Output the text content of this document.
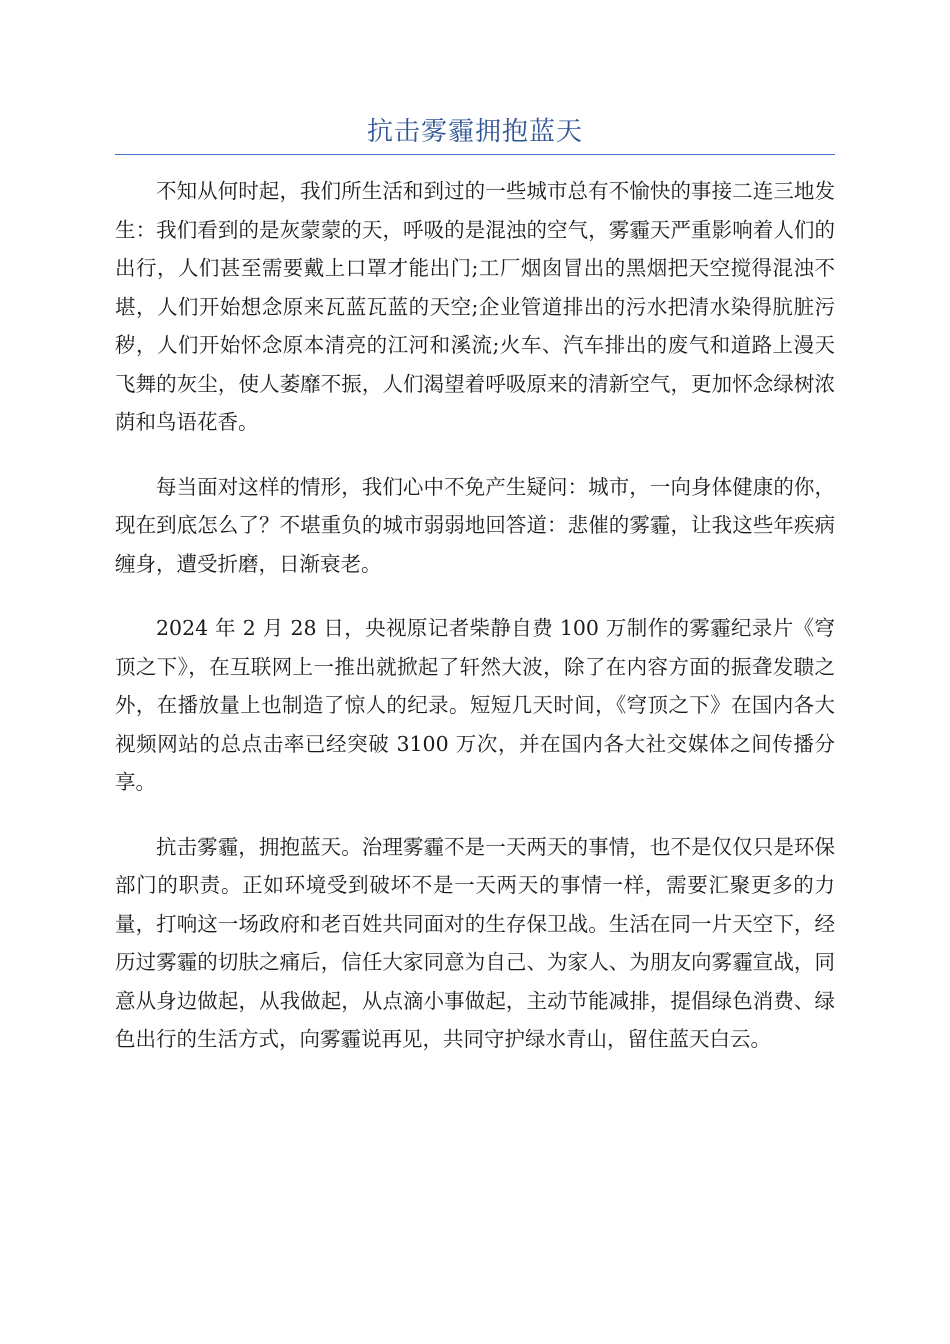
抗击雾霾拥抱蓝天

不知从何时起，我们所生活和到过的一些城市总有不愉快的事接二连三地发生：我们看到的是灰蒙蒙的天，呼吸的是混浊的空气，雾霾天严重影响着人们的出行，人们甚至需要戴上口罩才能出门;工厂烟囱冒出的黑烟把天空搅得混浊不堪，人们开始想念原来瓦蓝瓦蓝的天空;企业管道排出的污水把清水染得肮脏污秽，人们开始怀念原本清亮的江河和溪流;火车、汽车排出的废气和道路上漫天飞舞的灰尘，使人萎靡不振，人们渴望着呼吸原来的清新空气，更加怀念绿树浓荫和鸟语花香。

每当面对这样的情形，我们心中不免产生疑问：城市，一向身体健康的你，现在到底怎么了？不堪重负的城市弱弱地回答道：悲催的雾霾，让我这些年疾病缠身，遭受折磨，日渐衰老。

2024 年 2 月 28 日，央视原记者柴静自费 100 万制作的雾霾纪录片《穹顶之下》，在互联网上一推出就掀起了轩然大波，除了在内容方面的振聋发聩之外，在播放量上也制造了惊人的纪录。短短几天时间，《穹顶之下》在国内各大视频网站的总点击率已经突破 3100 万次，并在国内各大社交媒体之间传播分享。

抗击雾霾，拥抱蓝天。治理雾霾不是一天两天的事情，也不是仅仅只是环保部门的职责。正如环境受到破坏不是一天两天的事情一样，需要汇聚更多的力量，打响这一场政府和老百姓共同面对的生存保卫战。生活在同一片天空下，经历过雾霾的切肤之痛后，信任大家同意为自己、为家人、为朋友向雾霾宣战，同意从身边做起，从我做起，从点滴小事做起，主动节能减排，提倡绿色消费、绿色出行的生活方式，向雾霾说再见，共同守护绿水青山，留住蓝天白云。
